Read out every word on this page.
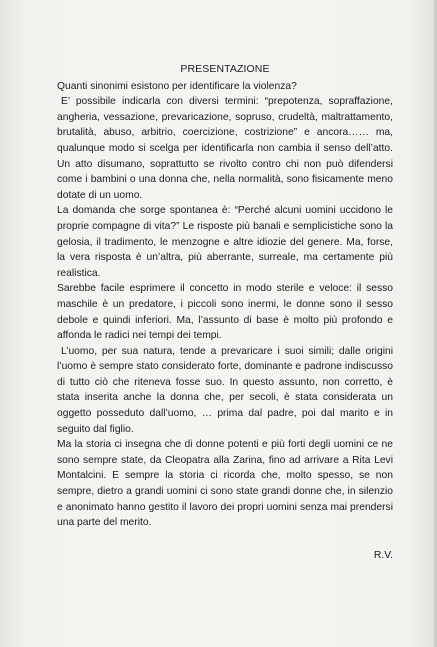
PRESENTAZIONE

Quanti sinonimi esistono per identificare la violenza?

E’ possibile indicarla con diversi termini: “prepotenza, sopraffazione, angheria, vessazione, prevaricazione, sopruso, crudeltà, maltrattamento, brutalità, abuso, arbitrio, coercizione, costrizione” e ancora…… ma, qualunque modo si scelga per identificarla non cambia il senso dell’atto. Un atto disumano, soprattutto se rivolto contro chi non può difendersi come i bambini o una donna che, nella normalità, sono fisicamente meno dotate di un uomo.

La domanda che sorge spontanea è: “Perché alcuni uomini uccidono le proprie compagne di vita?” Le risposte più banali e semplicistiche sono la gelosia, il tradimento, le menzogne e altre idiozie del genere. Ma, forse, la vera risposta è un’altra, più aberrante, surreale, ma certamente più realistica.

Sarebbe facile esprimere il concetto in modo sterile e veloce: il sesso maschile è un predatore, i piccoli sono inermi, le donne sono il sesso debole e quindi inferiori. Ma, l’assunto di base è molto più profondo e affonda le radici nei tempi dei tempi.

L’uomo, per sua natura, tende a prevaricare i suoi simili; dalle origini l’uomo è sempre stato considerato forte, dominante e padrone indiscusso di tutto ciò che riteneva fosse suo. In questo assunto, non corretto, è stata inserita anche la donna che, per secoli, è stata considerata un oggetto posseduto dall’uomo, … prima dal padre, poi dal marito e in seguito dal figlio.

Ma la storia ci insegna che di donne potenti e più forti degli uomini ce ne sono sempre state, da Cleopatra alla Zarina, fino ad arrivare a Rita Levi Montalcini. E sempre la storia ci ricorda che, molto spesso, se non sempre, dietro a grandi uomini ci sono state grandi donne che, in silenzio e anonimato hanno gestito il lavoro dei propri uomini senza mai prendersi una parte del merito.

R.V.
